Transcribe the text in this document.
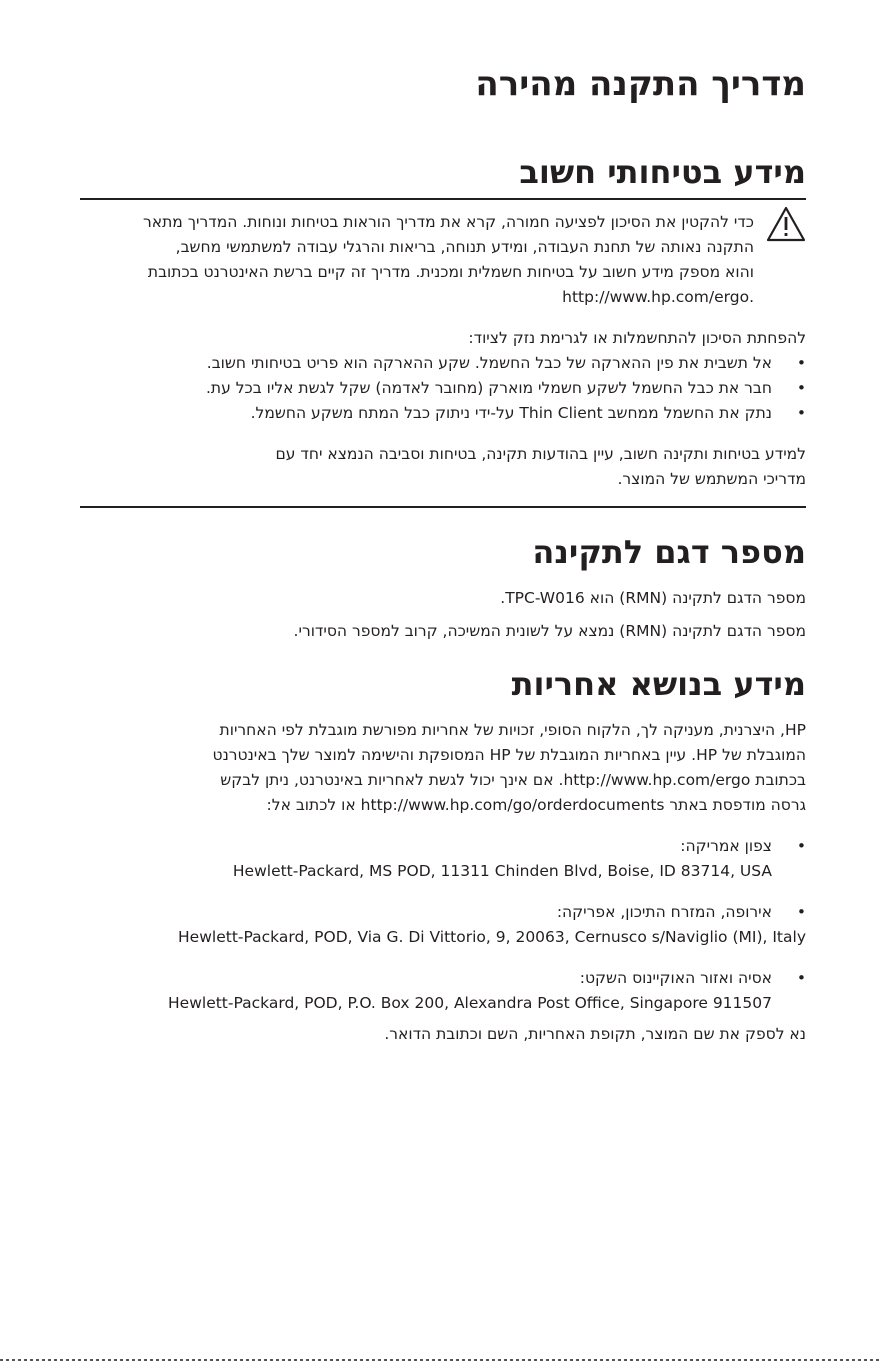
מדריך התקנה מהירה
מידע בטיחותי חשוב

כדי להקטין את הסיכון לפציעה חמורה, קרא את מדריך הוראות בטיחות ונוחות. המדריך מתאר

התקנה נאותה של תחנת העבודה, ומידע תנוחה, בריאות והרגלי עבודה למשתמשי מחשב,

והוא מספק מידע חשוב על בטיחות חשמלית ומכנית. מדריך זה קיים ברשת האינטרנט בכתובת

.http://www.hp.com/ergo

להפחתת הסיכון להתחשמלות או לגרימת נזק לציוד:

•
אל תשבית את פין ההארקה של כבל החשמל. שקע ההארקה הוא פריט בטיחותי חשוב.
•
חבר את כבל החשמל לשקע חשמלי מוארק (מחובר לאדמה) שקל לגשת אליו בכל עת.
•
נתק את החשמל ממחשב Thin Client על-ידי ניתוק כבל המתח משקע החשמל.

למידע בטיחות ותקינה חשוב, עיין בהודעות תקינה, בטיחות וסביבה הנמצא יחד עם

מדריכי המשתמש של המוצר.

מספר דגם לתקינה

מספר הדגם לתקינה (RMN) הוא TPC-W016.

מספר הדגם לתקינה (RMN) נמצא על לשונית המשיכה, קרוב למספר הסידורי.

מידע בנושא אחריות

HP, היצרנית, מעניקה לך, הלקוח הסופי, זכויות של אחריות מפורשת מוגבלת לפי האחריות

המוגבלת של HP. עיין באחריות המוגבלת של HP המסופקת והישימה למוצר שלך באינטרנט

בכתובת http://www.hp.com/ergo. אם אינך יכול לגשת לאחריות באינטרנט, ניתן לבקש

גרסה מודפסת באתר http://www.hp.com/go/orderdocuments או לכתוב אל:

•
צפון אמריקה:
Hewlett-Packard, MS POD, 11311 Chinden Blvd, Boise, ID 83714, USA
•
אירופה, המזרח התיכון, אפריקה:
Hewlett-Packard, POD, Via G. Di Vittorio, 9, 20063, Cernusco s/Naviglio (MI), Italy
•
אסיה ואזור האוקיינוס השקט:
Hewlett-Packard, POD, P.O. Box 200, Alexandra Post Office, Singapore 911507

נא לספק את שם המוצר, תקופת האחריות, השם וכתובת הדואר.
